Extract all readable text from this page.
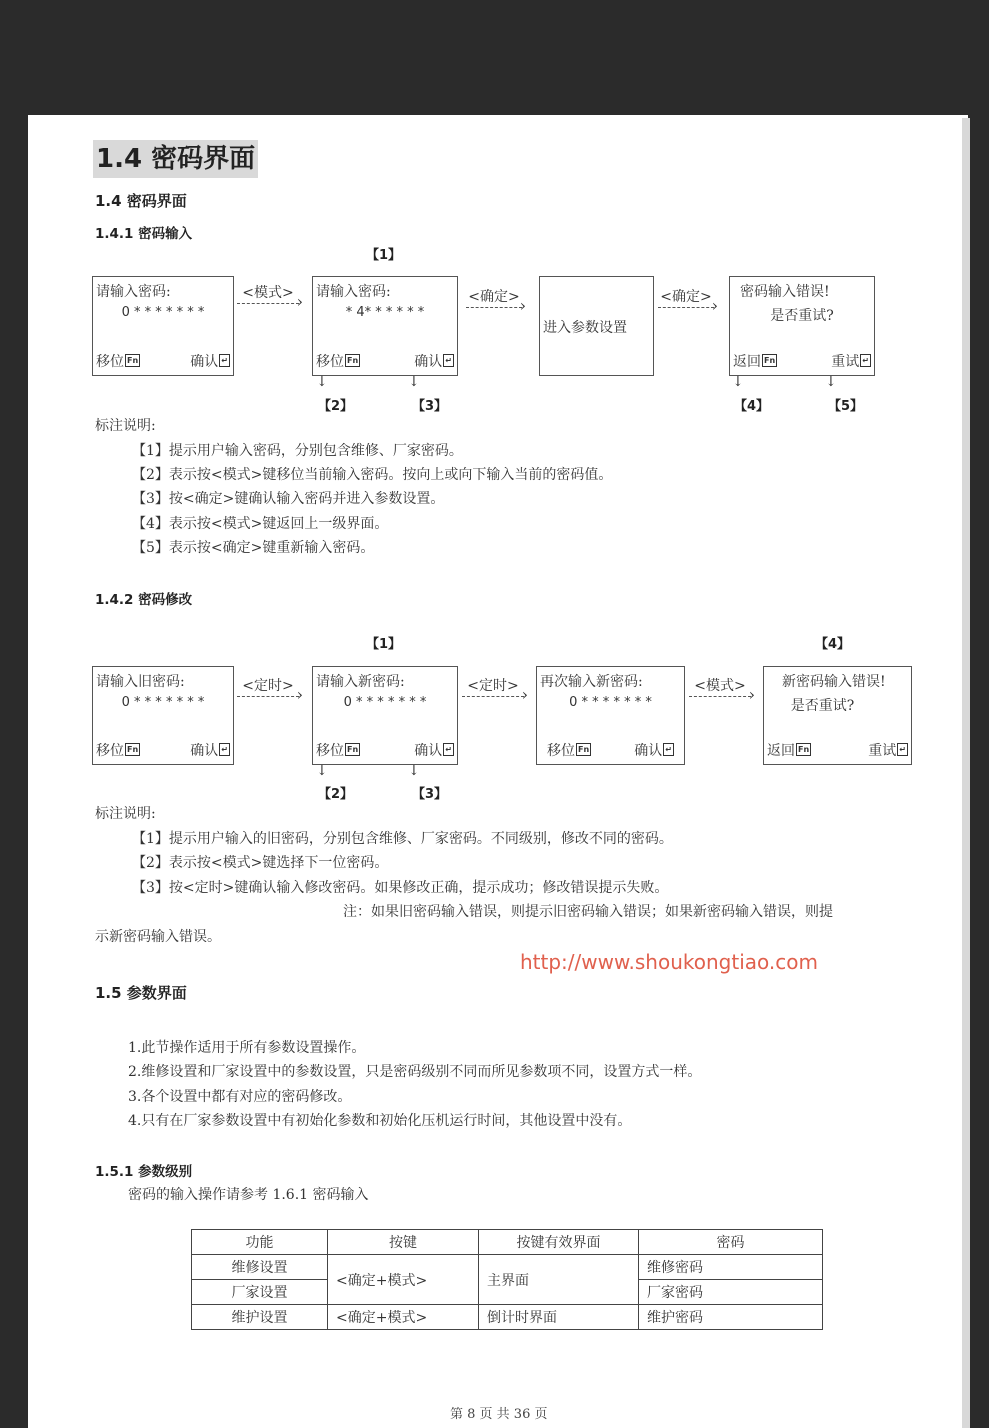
1.4 密码界面
1.4 密码界面
1.4.1 密码输入
【1】
请输入密码:
0 * * * * * * *
移位 Fn	确认 ↵
<模式>
›	请输入密码:
* 4* * * * * *
移位 Fn	确认 ↵
↓	↓
【2】	【3】
<确定>
›
进入参数设置
<确定>
› 密码输入错误!
是否重试?
返回 Fn	重试 ↵
↓	↓
【4】	【5】
标注说明:
【1】提示用户输入密码，分别包含维修、厂家密码。
【2】表示按<模式>键移位当前输入密码。按向上或向下输入当前的密码值。
【3】按<确定>键确认输入密码并进入参数设置。
【4】表示按<模式>键返回上一级界面。
【5】表示按<确定>键重新输入密码。
1.4.2 密码修改
【1】	【4】
请输入旧密码:
0 * * * * * * *
移位 Fn	确认 ↵
<定时>
›	请输入新密码:
0 * * * * * * *
移位 Fn	确认 ↵
↓	↓
【2】	【3】
<定时>
›	再次输入新密码:
0 * * * * * * *
移位 Fn	确认 ↵
<模式>
›	新密码输入错误!
是否重试?
返回 Fn	重试 ↵
标注说明:
【1】提示用户输入的旧密码，分别包含维修、厂家密码。不同级别，修改不同的密码。
【2】表示按<模式>键选择下一位密码。
【3】按<定时>键确认输入修改密码。如果修改正确，提示成功；修改错误提示失败。
注：如果旧密码输入错误，则提示旧密码输入错误；如果新密码输入错误，则提
示新密码输入错误。
1.5 参数界面
1.此节操作适用于所有参数设置操作。
2.维修设置和厂家设置中的参数设置，只是密码级别不同而所见参数项不同，设置方式一样。
3.各个设置中都有对应的密码修改。
4.只有在厂家参数设置中有初始化参数和初始化压机运行时间，其他设置中没有。
1.5.1 参数级别
密码的输入操作请参考 1.6.1 密码输入
功能	按键	按键有效界面	密码
维修设置	<确定+模式>	主界面	维修密码
厂家设置			厂家密码
维护设置	<确定+模式>	倒计时界面	维护密码
第 8 页 共 36 页
http://www.shoukongtiao.com
